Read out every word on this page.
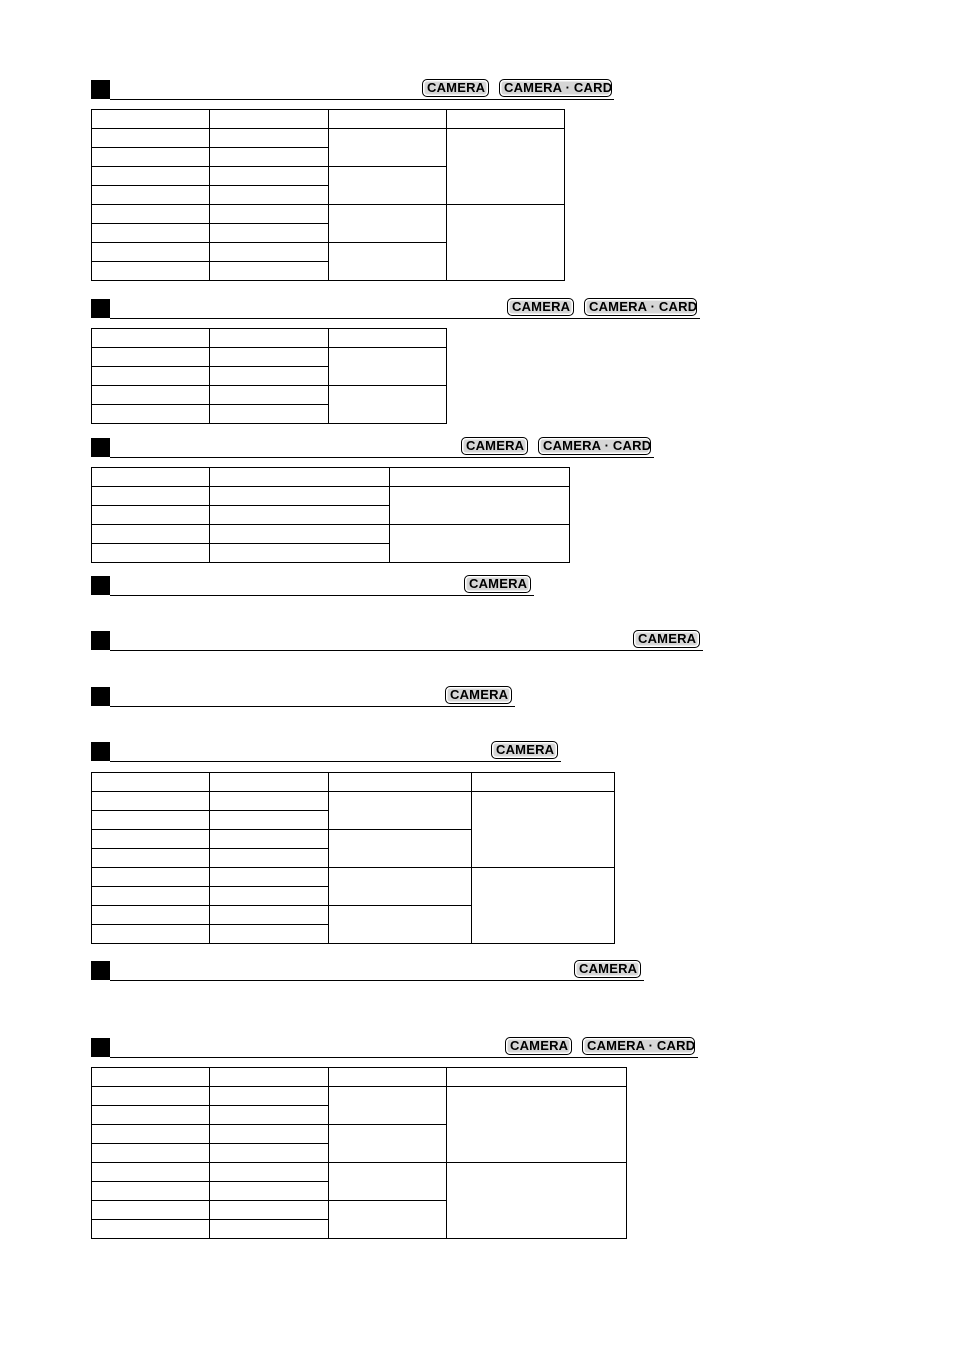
CAMERA	CAMERA · CARD

CAMERA	CAMERA · CARD

CAMERA	CAMERA · CARD

CAMERA
CAMERA
CAMERA
CAMERA

CAMERA
CAMERA	CAMERA · CARD
